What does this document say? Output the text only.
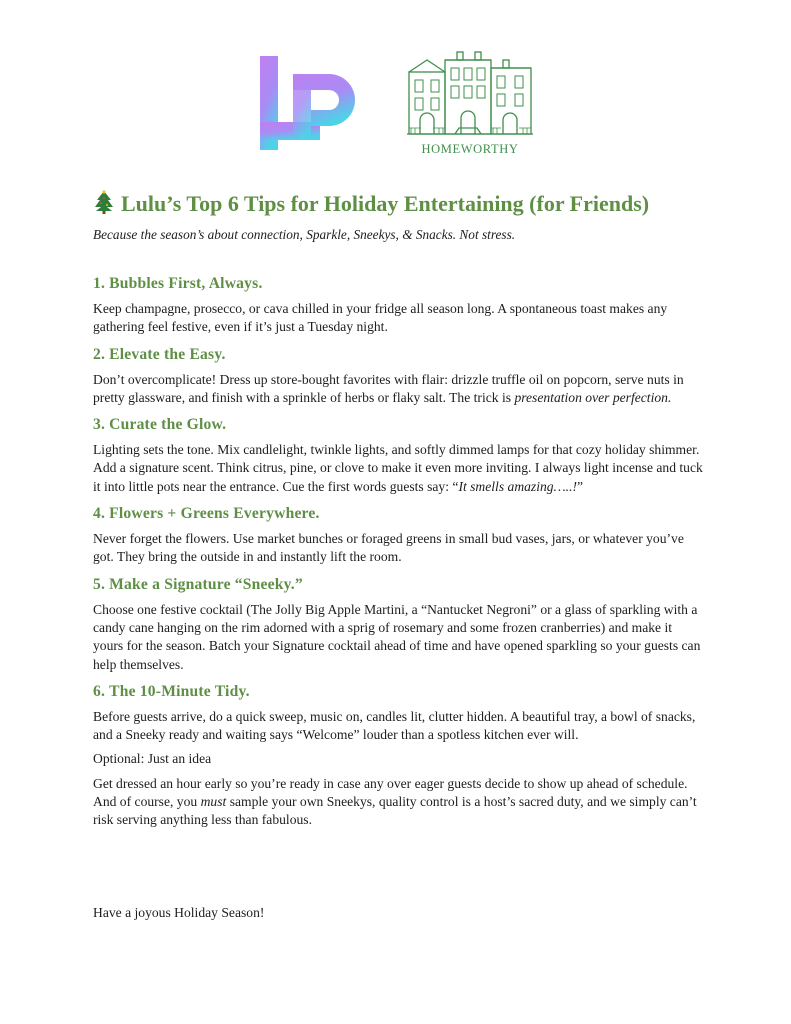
HOMEWORTHY
Lulu’s Top 6 Tips for Holiday Entertaining (for Friends)

Because the season’s about connection, Sparkle, Sneekys, & Snacks. Not stress.

1. Bubbles First, Always.

Keep champagne, prosecco, or cava chilled in your fridge all season long. A spontaneous toast makes any gathering feel festive, even if it’s just a Tuesday night.

2. Elevate the Easy.

Don’t overcomplicate! Dress up store-bought favorites with flair: drizzle truffle oil on popcorn, serve nuts in pretty glassware, and finish with a sprinkle of herbs or flaky salt. The trick is presentation over perfection.

3. Curate the Glow.

Lighting sets the tone. Mix candlelight, twinkle lights, and softly dimmed lamps for that cozy holiday shimmer. Add a signature scent. Think citrus, pine, or clove to make it even more inviting. I always light incense and tuck it into little pots near the entrance. Cue the first words guests say: “It smells amazing…..!”

4. Flowers + Greens Everywhere.

Never forget the flowers. Use market bunches or foraged greens in small bud vases, jars, or whatever you’ve got. They bring the outside in and instantly lift the room.

5. Make a Signature “Sneeky.”

Choose one festive cocktail (The Jolly Big Apple Martini, a “Nantucket Negroni” or a glass of sparkling with a candy cane hanging on the rim adorned with a sprig of rosemary and some frozen cranberries) and make it yours for the season. Batch your Signature cocktail ahead of time and have opened sparkling so your guests can help themselves.

6. The 10-Minute Tidy.

Before guests arrive, do a quick sweep, music on, candles lit, clutter hidden. A beautiful tray, a bowl of snacks, and a Sneeky ready and waiting says “Welcome” louder than a spotless kitchen ever will.

Optional: Just an idea

Get dressed an hour early so you’re ready in case any over eager guests decide to show up ahead of schedule. And of course, you must sample your own Sneekys, quality control is a host’s sacred duty, and we simply can’t risk serving anything less than fabulous.

Have a joyous Holiday Season!
